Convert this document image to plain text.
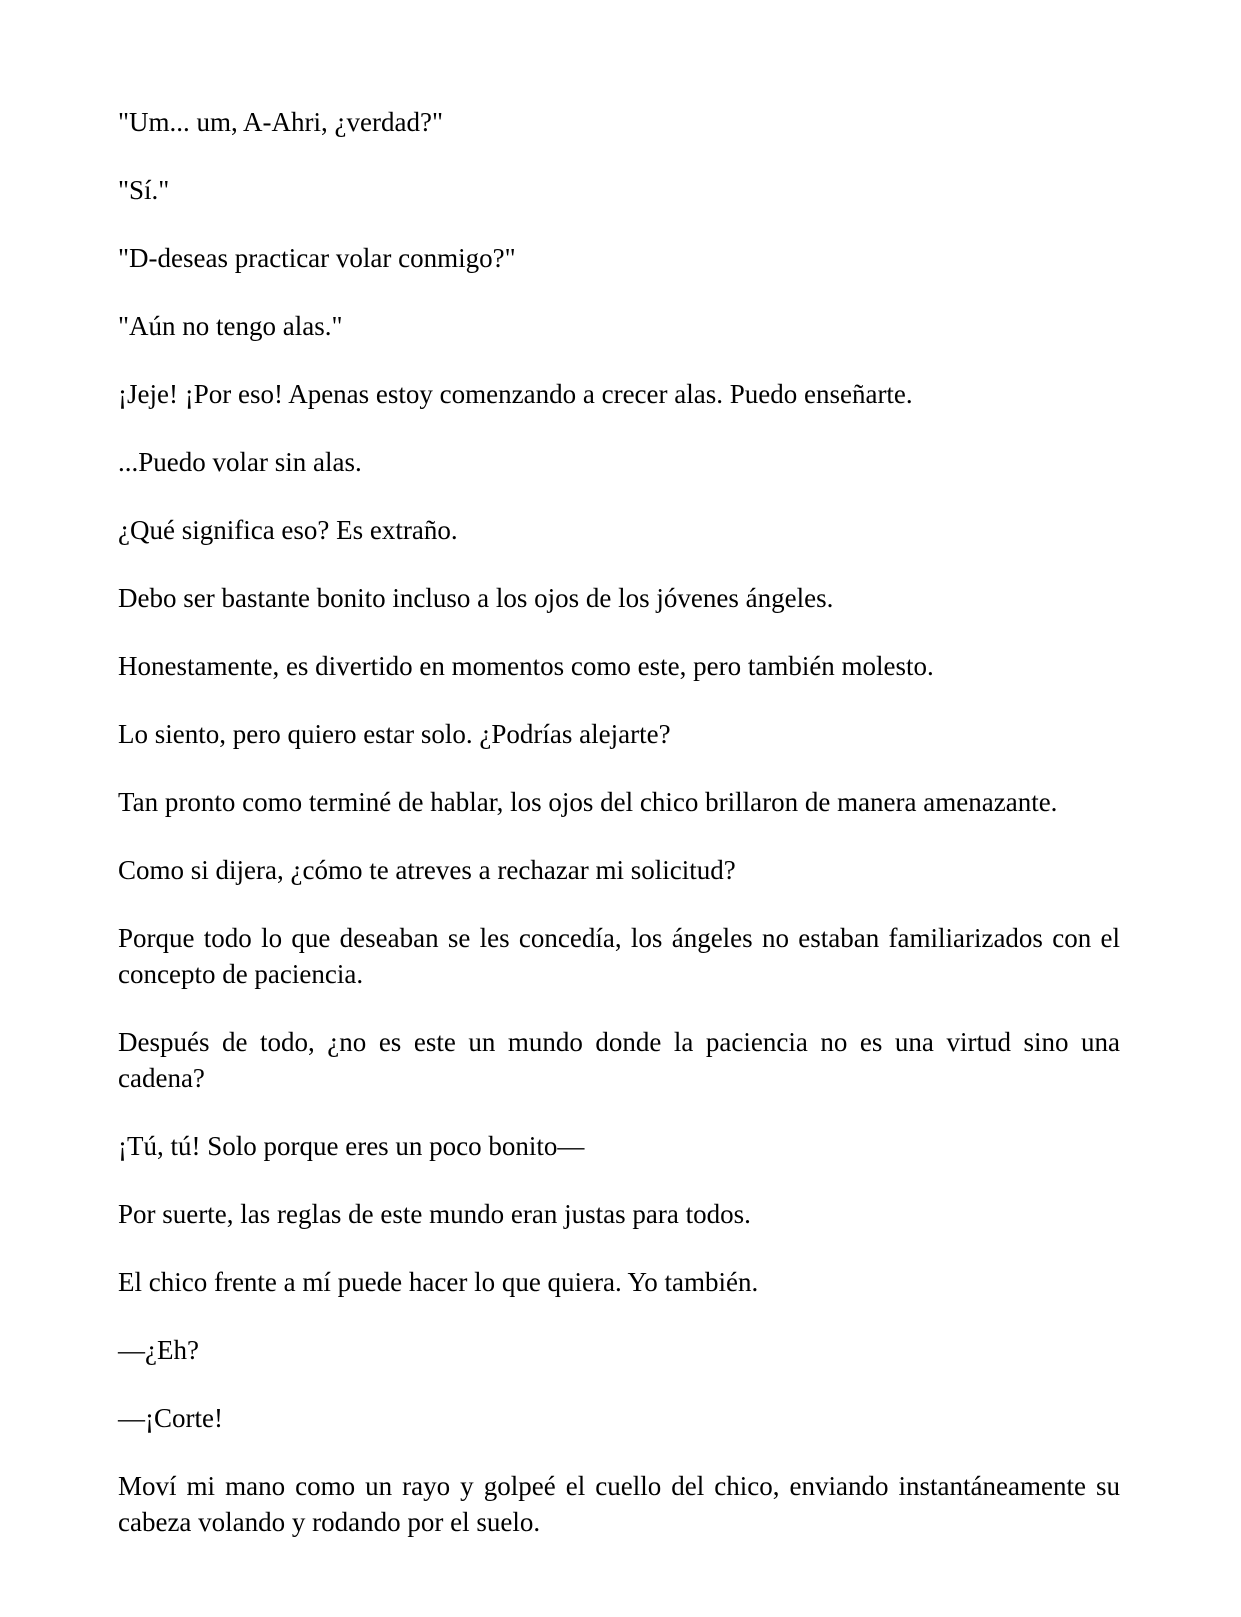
"Um... um, A-Ahri, ¿verdad?"

"Sí."

"D-deseas practicar volar conmigo?"

"Aún no tengo alas."

¡Jeje! ¡Por eso! Apenas estoy comenzando a crecer alas. Puedo enseñarte.

...Puedo volar sin alas.

¿Qué significa eso? Es extraño.

Debo ser bastante bonito incluso a los ojos de los jóvenes ángeles.

Honestamente, es divertido en momentos como este, pero también molesto.

Lo siento, pero quiero estar solo. ¿Podrías alejarte?

Tan pronto como terminé de hablar, los ojos del chico brillaron de manera amenazante.

Como si dijera, ¿cómo te atreves a rechazar mi solicitud?

Porque todo lo que deseaban se les concedía, los ángeles no estaban familiarizados con el concepto de paciencia.

Después de todo, ¿no es este un mundo donde la paciencia no es una virtud sino una cadena?

¡Tú, tú! Solo porque eres un poco bonito—

Por suerte, las reglas de este mundo eran justas para todos.

El chico frente a mí puede hacer lo que quiera. Yo también.

—¿Eh?

—¡Corte!

Moví mi mano como un rayo y golpeé el cuello del chico, enviando instantáneamente su cabeza volando y rodando por el suelo.
